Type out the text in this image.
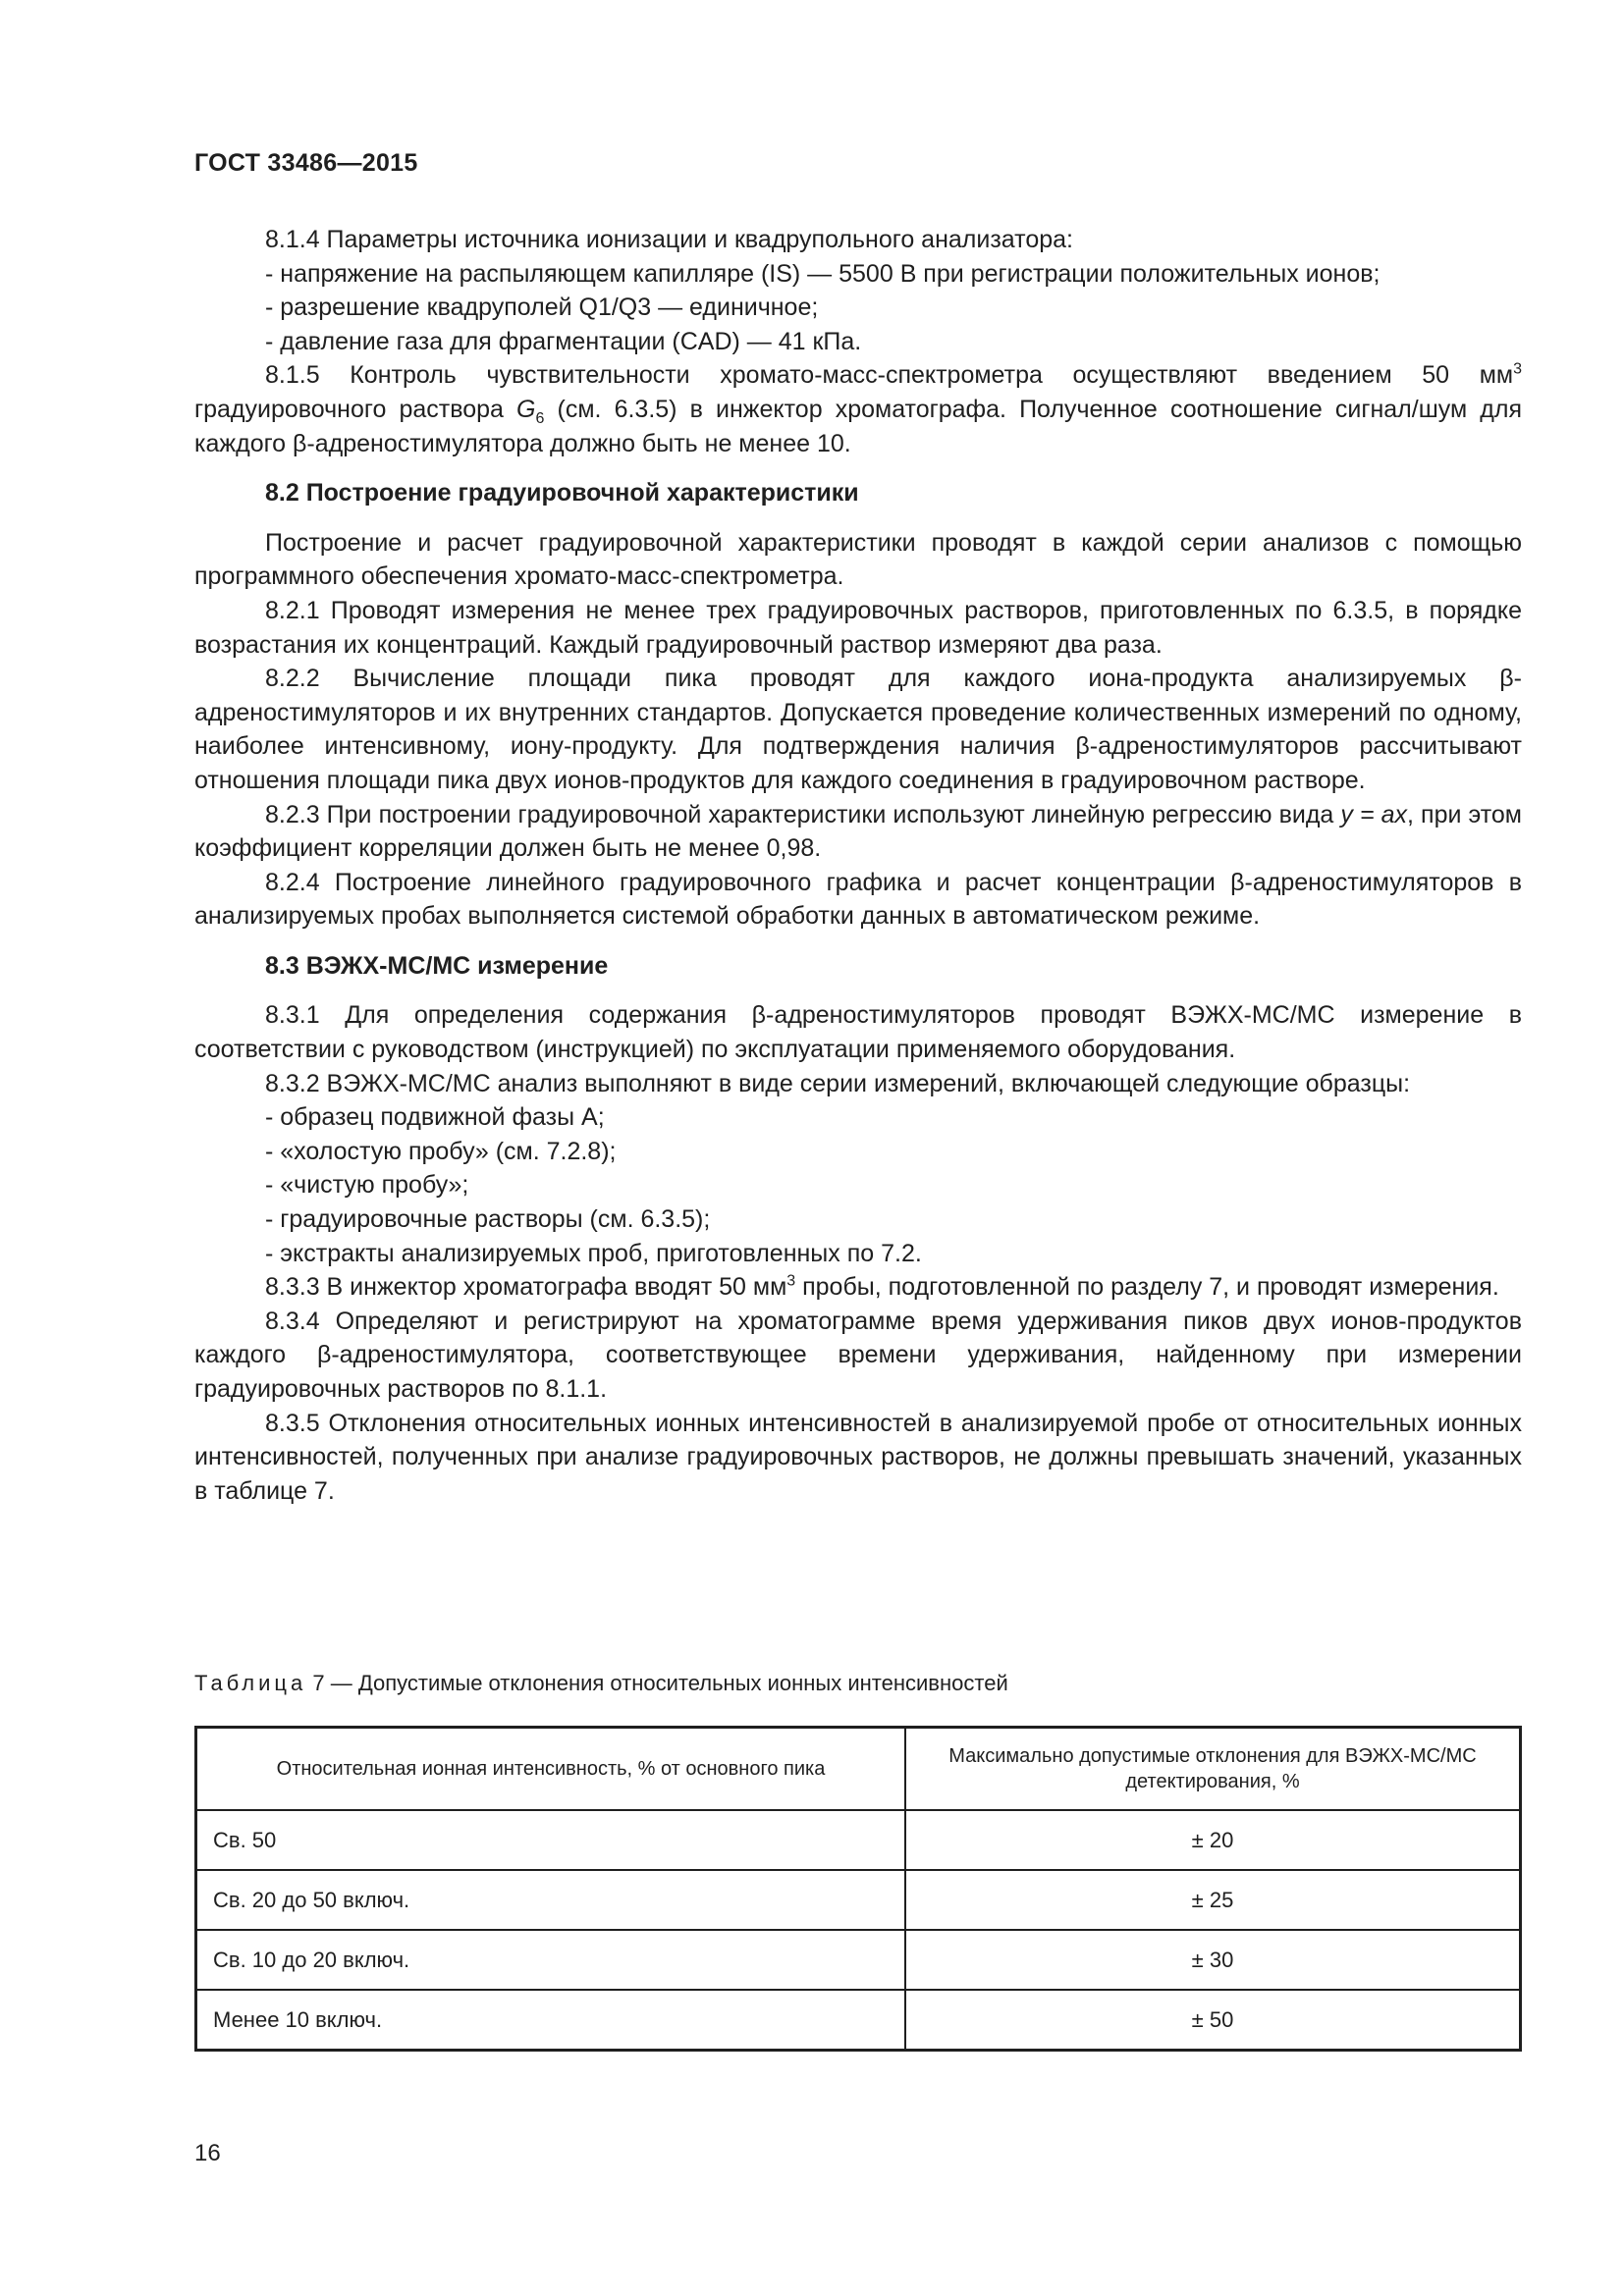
ГОСТ 33486—2015

8.1.4 Параметры источника ионизации и квадрупольного анализатора:

- напряжение на распыляющем капилляре (IS) — 5500 В при регистрации положительных ионов;

- разрешение квадруполей Q1/Q3 — единичное;

- давление газа для фрагментации (CAD) — 41 кПа.

8.1.5 Контроль чувствительности хромато-масс-спектрометра осуществляют введением 50 $мм^3$ градуировочного раствора $G_6$ (см. 6.3.5) в инжектор хроматографа. Полученное соотношение сигнал/шум для каждого β-адреностимулятора должно быть не менее 10.

8.2 Построение градуировочной характеристики

Построение и расчет градуировочной характеристики проводят в каждой серии анализов с помощью программного обеспечения хромато-масс-спектрометра.

8.2.1 Проводят измерения не менее трех градуировочных растворов, приготовленных по 6.3.5, в порядке возрастания их концентраций. Каждый градуировочный раствор измеряют два раза.

8.2.2 Вычисление площади пика проводят для каждого иона-продукта анализируемых β-адреностимуляторов и их внутренних стандартов. Допускается проведение количественных измерений по одному, наиболее интенсивному, иону-продукту. Для подтверждения наличия β-адреностимуляторов рассчитывают отношения площади пика двух ионов-продуктов для каждого соединения в градуировочном растворе.

8.2.3 При построении градуировочной характеристики используют линейную регрессию вида y = ax, при этом коэффициент корреляции должен быть не менее 0,98.

8.2.4 Построение линейного градуировочного графика и расчет концентрации β-адреностимуляторов в анализируемых пробах выполняется системой обработки данных в автоматическом режиме.

8.3 ВЭЖХ-МС/МС измерение

8.3.1 Для определения содержания β-адреностимуляторов проводят ВЭЖХ-МС/МС измерение в соответствии с руководством (инструкцией) по эксплуатации применяемого оборудования.

8.3.2 ВЭЖХ-МС/МС анализ выполняют в виде серии измерений, включающей следующие образцы:

- образец подвижной фазы А;

- «холостую пробу» (см. 7.2.8);

- «чистую пробу»;

- градуировочные растворы (см. 6.3.5);

- экстракты анализируемых проб, приготовленных по 7.2.

8.3.3 В инжектор хроматографа вводят 50 $мм^3$ пробы, подготовленной по разделу 7, и проводят измерения.

8.3.4 Определяют и регистрируют на хроматограмме время удерживания пиков двух ионов-продуктов каждого β-адреностимулятора, соответствующее времени удерживания, найденному при измерении градуировочных растворов по 8.1.1.

8.3.5 Отклонения относительных ионных интенсивностей в анализируемой пробе от относительных ионных интенсивностей, полученных при анализе градуировочных растворов, не должны превышать значений, указанных в таблице 7.

Таблица 7 — Допустимые отклонения относительных ионных интенсивностей
Относительная ионная интенсивность, % от основного пика	Максимально допустимые отклонения для ВЭЖХ-МС/МС детектирования, %
Св. 50	± 20
Св. 20 до 50 включ.	± 25
Св. 10 до 20 включ.	± 30
Менее 10 включ.	± 50
16
